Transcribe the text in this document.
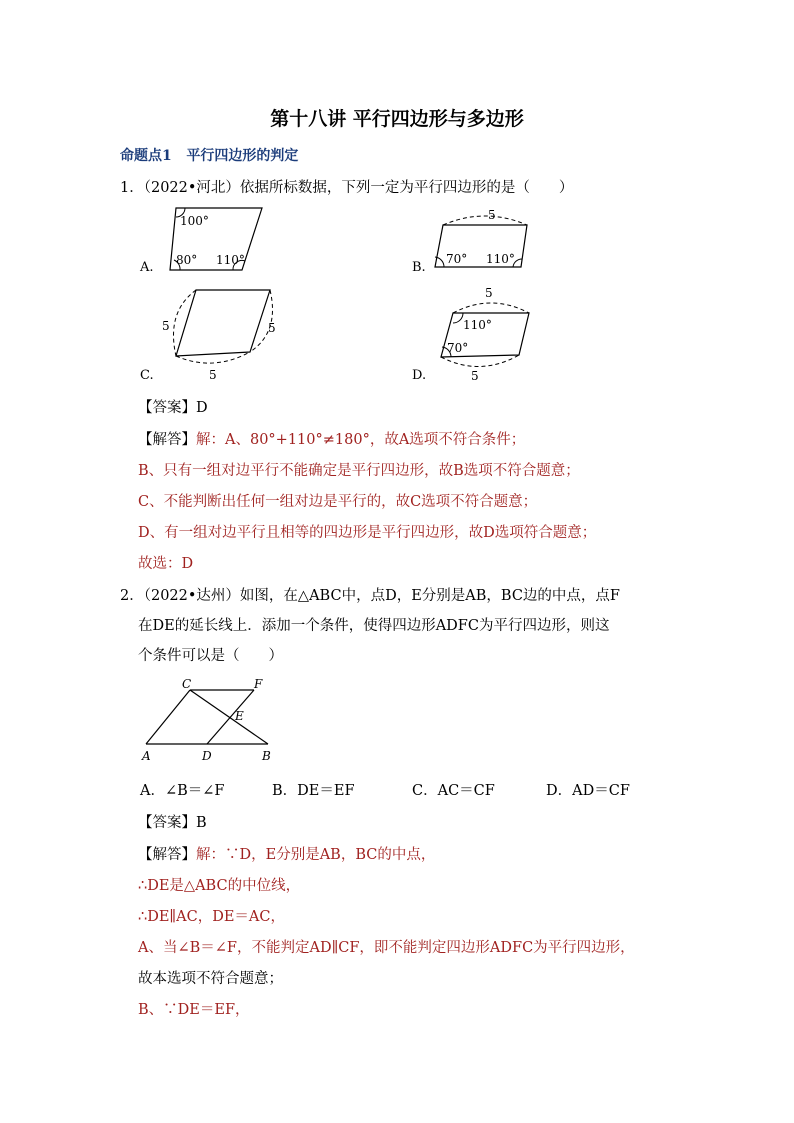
第十八讲 平行四边形与多边形
命题点1 平行四边形的判定
1．（2022•河北）依据所标数据，下列一定为平行四边形的是（　　）
100°
80° 110°
A.
5
70° 110°
B.
5	5
5
C.
5
5
110°
70°
D.
【答案】D
【解答】解：A、80°+110°≠180°，故A选项不符合条件；
B、只有一组对边平行不能确定是平行四边形，故B选项不符合题意；
C、不能判断出任何一组对边是平行的，故C选项不符合题意；
D、有一组对边平行且相等的四边形是平行四边形，故D选项符合题意；
故选：D
2．（2022•达州）如图，在△ABC中，点D，E分别是AB，BC边的中点，点F
在DE的延长线上．添加一个条件，使得四边形ADFC为平行四边形，则这
个条件可以是（　　）
C	F
E
A	D	B
A．∠B＝∠F	B．DE＝EF	C．AC＝CF	D．AD＝CF
【答案】B
【解答】解：∵D，E分别是AB，BC的中点，
∴DE是△ABC的中位线，
∴DE∥AC，DE＝AC，
A、当∠B＝∠F，不能判定AD∥CF，即不能判定四边形ADFC为平行四边形，
故本选项不符合题意；
B、∵DE＝EF，
